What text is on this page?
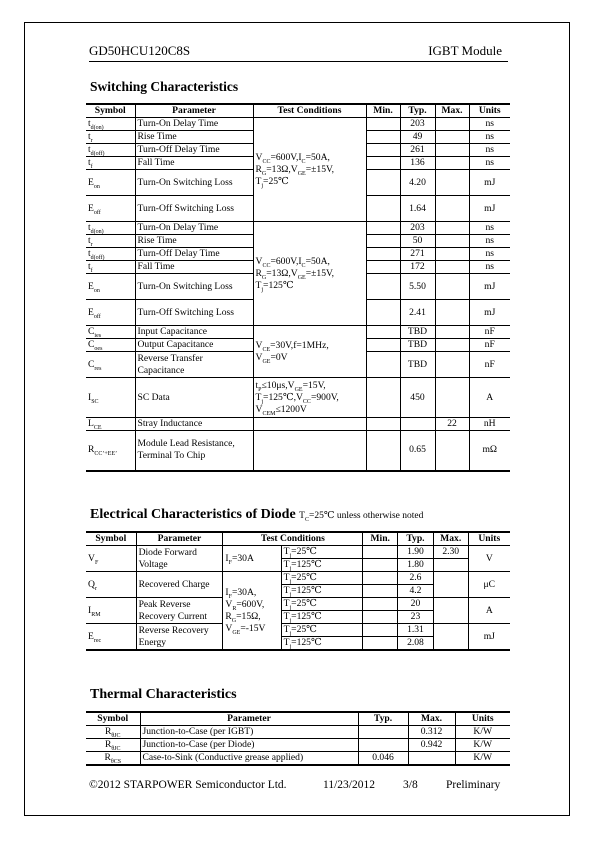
GD50HCU120C8S	IGBT Module
Switching Characteristics
Symbol	Parameter	Test Conditions	Min.	Typ.	Max.	Units
$t_{d(on)}$	Turn-On Delay Time	$V_{CC}=600V,I_C=50A$,
$R_G=13\Omega,V_{GE}=\pm 15V$,
$T_j=25℃$		203		ns
$t_r$	Rise Time			49		ns
$t_{d(off)}$	Turn-Off Delay Time			261		ns
$t_f$	Fall Time			136		ns
$E_{on}$	Turn-On Switching Loss			4.20		mJ
$E_{off}$	Turn-Off Switching Loss			1.64		mJ
$t_{d(on)}$	Turn-On Delay Time	$V_{CC}=600V,I_C=50A$,
$R_G=13\Omega,V_{GE}=\pm 15V$,
$T_j=125℃$		203		ns
$t_r$	Rise Time			50		ns
$t_{d(off)}$	Turn-Off Delay Time			271		ns
$t_f$	Fall Time			172		ns
$E_{on}$	Turn-On Switching Loss			5.50		mJ
$E_{off}$	Turn-Off Switching Loss			2.41		mJ
$C_{ies}$	Input Capacitance	$V_{CE}=30V,f=1MHz$,
$V_{GE}=0V$		TBD		nF
$C_{oes}$	Output Capacitance			TBD		nF
$C_{res}$	Reverse Transfer Capacitance			TBD		nF
$I_{SC}$	SC Data	$t_P\le 10\mu s,V_{GE}=15V$,
$T_j=125℃,V_{CC}=900V$,
$V_{CEM}\le 1200V$		450		A
$L_{CE}$	Stray Inductance				22	nH
$R_{CC’+EE’}$	Module Lead Resistance, Terminal To Chip			0.65		mΩ
Electrical Characteristics of Diode $T_C=25℃$ unless otherwise noted
Symbol	Parameter	Test Conditions		Min.	Typ.	Max.	Units
$V_F$	Diode Forward Voltage	$I_F=30A$	$T_j=25℃$		1.90	2.30	V
			$T_j=125℃$		1.80		
$Q_r$	Recovered Charge	$I_F=30A$,
$V_R=600V$,
$R_G=15\Omega$,
$V_{GE}=-15V$	$T_j=25℃$		2.6		μC
			$T_j=125℃$		4.2		
$I_{RM}$	Peak Reverse Recovery Current		$T_j=25℃$		20		A
			$T_j=125℃$		23		
$E_{rec}$	Reverse Recovery Energy		$T_j=25℃$		1.31		mJ
			$T_j=125℃$		2.08		
Thermal Characteristics
Symbol	Parameter	Typ.	Max.	Units
$R_{\theta JC}$	Junction-to-Case (per IGBT)		0.312	K/W
$R_{\theta JC}$	Junction-to-Case (per Diode)		0.942	K/W
$R_{\theta CS}$	Case-to-Sink (Conductive grease applied)	0.046		K/W
©2012 STARPOWER Semiconductor Ltd.	11/23/2012 3/8 Preliminary
